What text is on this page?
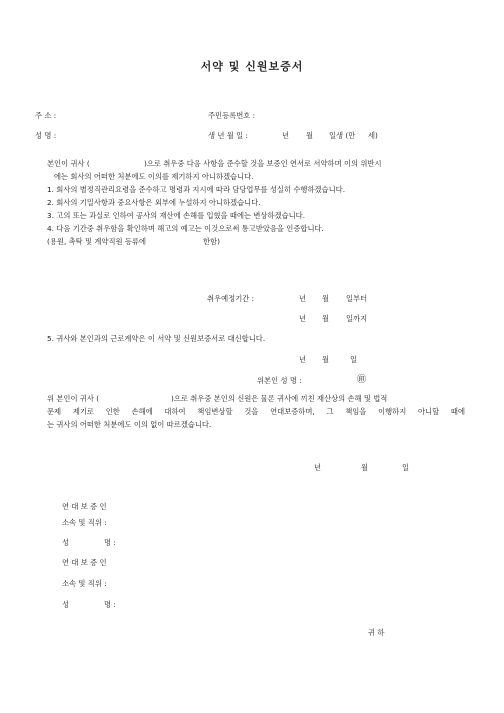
서약 및 신원보증서
주 소 :	주민등록번호 :
성 명 :	생 년 월 일 :	년 월 일생 (만 세)
본인이 귀사 (	)으로 취우중 다음 사항을 준수할 것을 보증인 연서로 서약하며 이의 위반시
에는 회사의 어떠한 처분에도 이의를 제기하지 아니하겠습니다.
1. 회사의 별정직관리요령을 준수하고 명령과 지시에 따라 담당업무를 성실히 수행하겠습니다.
2. 회사의 기밀사항과 중요사항은 외부에 누설하지 아니하겠습니다.
3. 고의 또는 과실로 인하여 공사의 재산에 손해를 입혔을 때에는 변상하겠습니다.
4. 다음 기간중 취우함을 확인하며 해고의 예고는 이것으로써 통고받았음을 인증합니다.
(용원, 촉탁 및 계약직원 등류에	한함)
취우예정기간 :	년 월 일부터
년 월 일까지
5. 귀사와 본인과의 근로계약은 이 서약 및 신원보증서로 대신합니다.
년 월	일
위본인 성 명 :	㊞
위 본인이 귀사 (	)으로 취우중 본인의 신원은 물론 귀사에 끼친 재산상의 손해 및 법적
문제 제기로 인한 손해에 대하여 책임변상할 것을 연대보증하며, 그 책임을 이행하지 아니할 때에
는 귀사의 어떠한 처분에도 이의 없이 따르겠습니다.
년	월	일
연 대 보 증 인
소속 및 직위 :
성	명 :
연 대 보 증 인
소속 및 직위 :
성	명 :
귀 하
